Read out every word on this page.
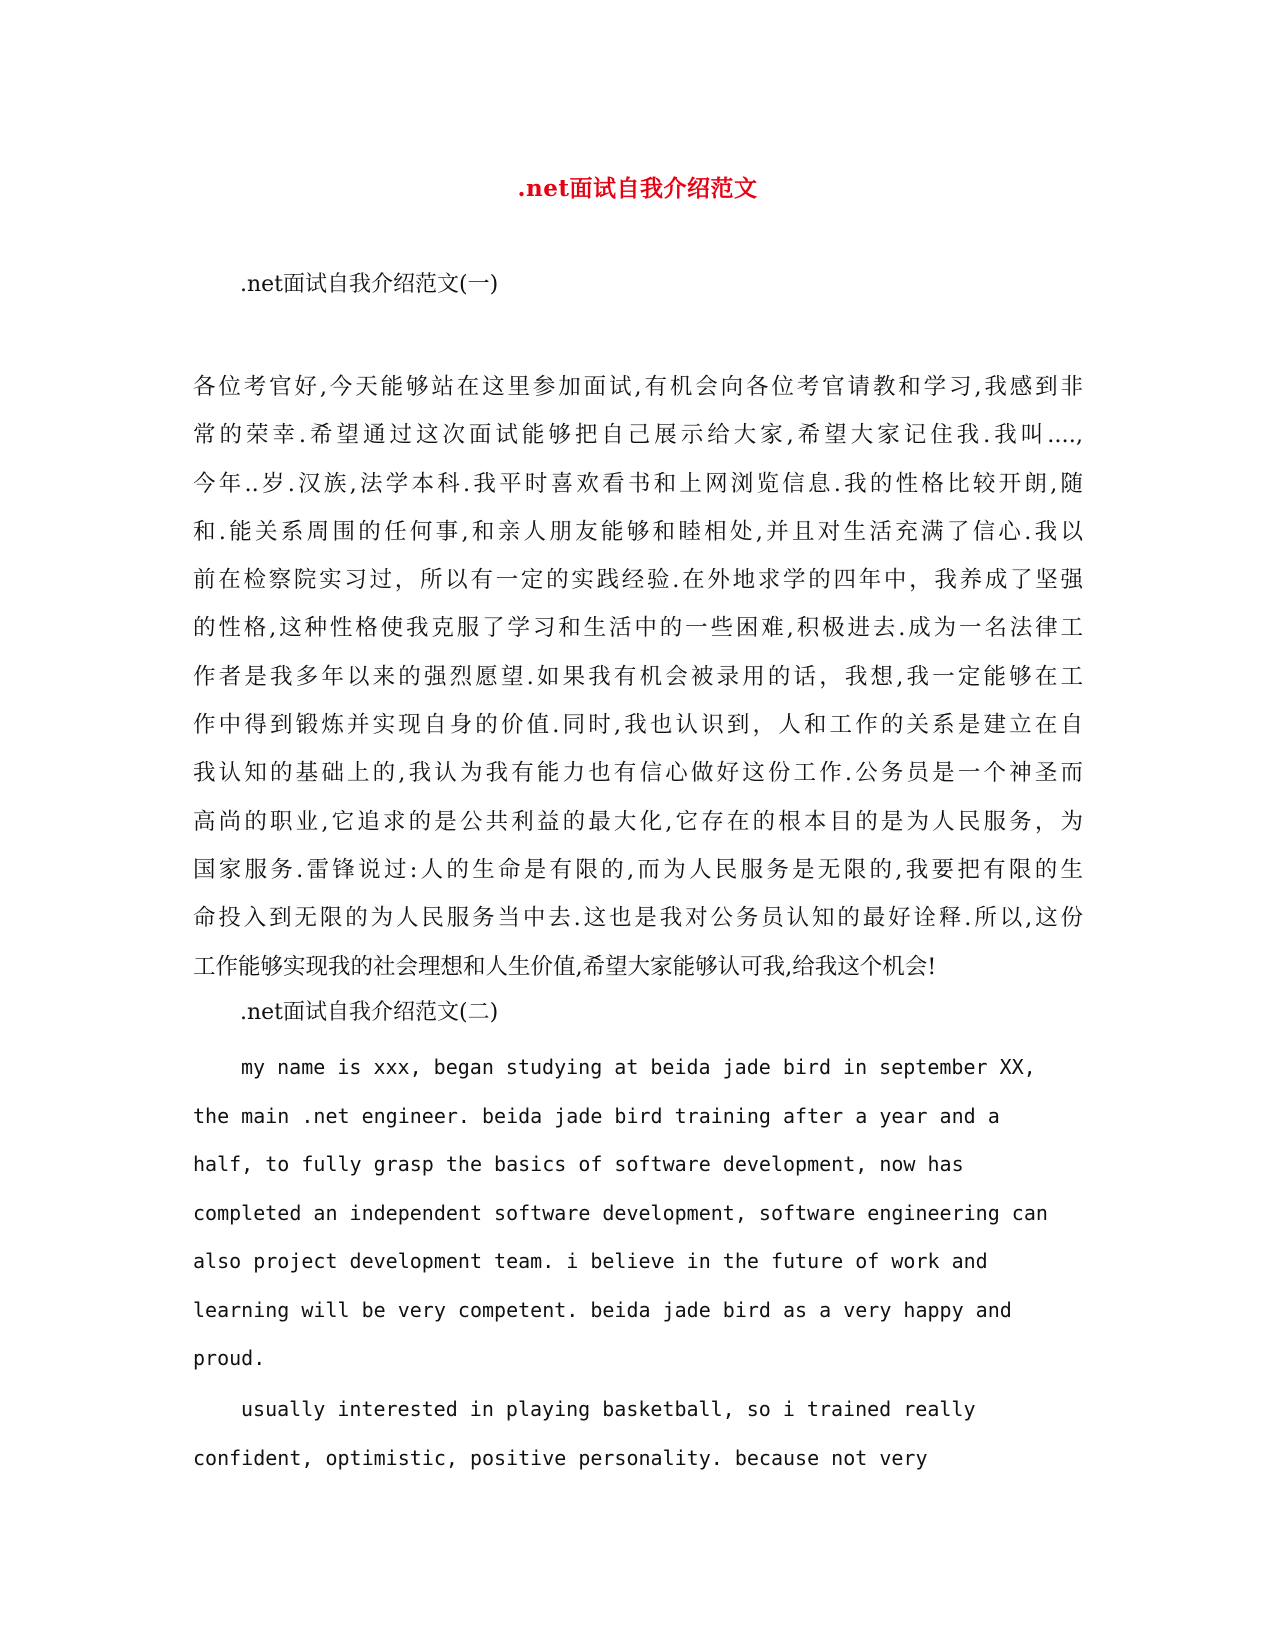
.net面试自我介绍范文
.net面试自我介绍范文(一)
各位考官好,今天能够站在这里参加面试,有机会向各位考官请教和学习,我感到非
常的荣幸.希望通过这次面试能够把自己展示给大家,希望大家记住我.我叫....,
今年..岁.汉族,法学本科.我平时喜欢看书和上网浏览信息.我的性格比较开朗,随
和.能关系周围的任何事,和亲人朋友能够和睦相处,并且对生活充满了信心.我以
前在检察院实习过，所以有一定的实践经验.在外地求学的四年中，我养成了坚强
的性格,这种性格使我克服了学习和生活中的一些困难,积极进去.成为一名法律工
作者是我多年以来的强烈愿望.如果我有机会被录用的话，我想,我一定能够在工
作中得到锻炼并实现自身的价值.同时,我也认识到，人和工作的关系是建立在自
我认知的基础上的,我认为我有能力也有信心做好这份工作.公务员是一个神圣而
高尚的职业,它追求的是公共利益的最大化,它存在的根本目的是为人民服务，为
国家服务.雷锋说过:人的生命是有限的,而为人民服务是无限的,我要把有限的生
命投入到无限的为人民服务当中去.这也是我对公务员认知的最好诠释.所以,这份
工作能够实现我的社会理想和人生价值,希望大家能够认可我,给我这个机会!
.net面试自我介绍范文(二)
my name is xxx, began studying at beida jade bird in september XX,
the main .net engineer. beida jade bird training after a year and a
half, to fully grasp the basics of software development, now has
completed an independent software development, software engineering can
also project development team. i believe in the future of work and
learning will be very competent. beida jade bird as a very happy and
proud.
usually interested in playing basketball, so i trained really
confident, optimistic, positive personality. because not very
